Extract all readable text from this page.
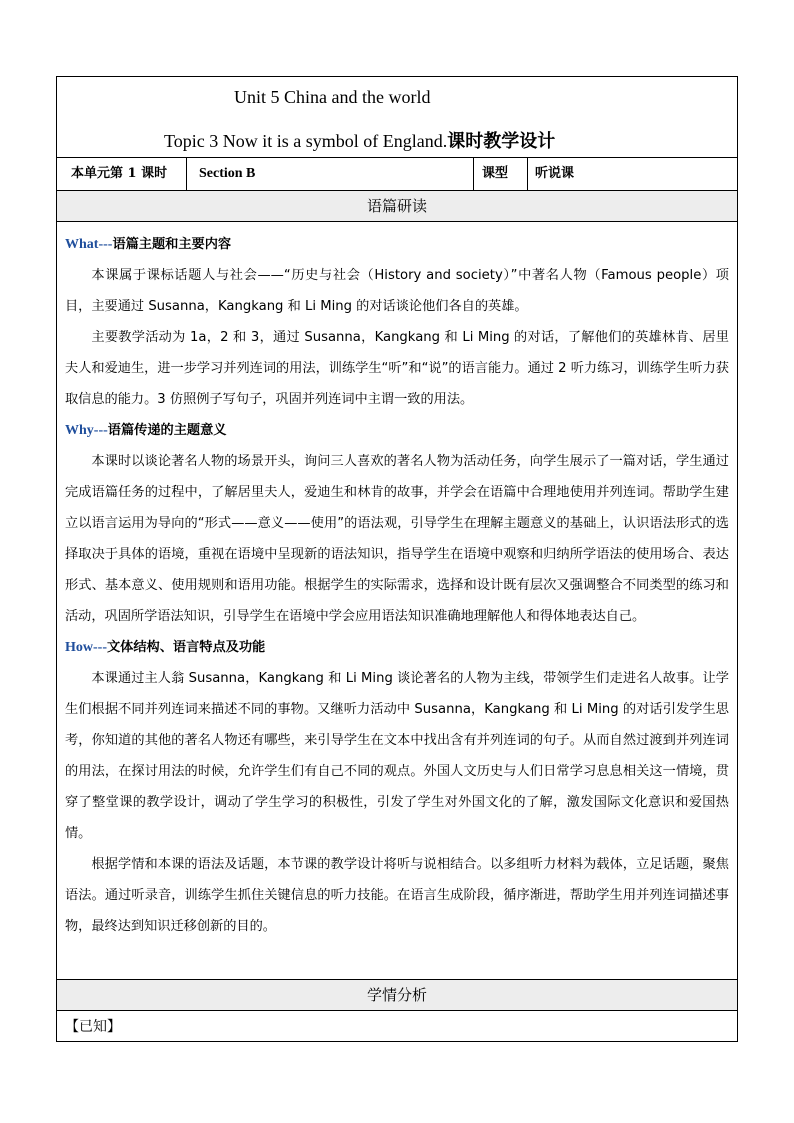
Unit 5 China and the world
Topic 3 Now it is a symbol of England.课时教学设计
本单元第 1 课时 Section B	课型 听说课
语篇研读

What---语篇主题和主要内容

本课属于课标话题人与社会——“历史与社会（History and society）”中著名人物（Famous people）项目，主要通过 Susanna，Kangkang 和 Li Ming 的对话谈论他们各自的英雄。

主要教学活动为 1a，2 和 3，通过 Susanna，Kangkang 和 Li Ming 的对话，了解他们的英雄林肯、居里夫人和爱迪生，进一步学习并列连词的用法，训练学生“听”和“说”的语言能力。通过 2 听力练习，训练学生听力获取信息的能力。3 仿照例子写句子，巩固并列连词中主谓一致的用法。

Why---语篇传递的主题意义

本课时以谈论著名人物的场景开头，询问三人喜欢的著名人物为活动任务，向学生展示了一篇对话，学生通过完成语篇任务的过程中，了解居里夫人，爱迪生和林肯的故事，并学会在语篇中合理地使用并列连词。帮助学生建立以语言运用为导向的“形式——意义——使用”的语法观，引导学生在理解主题意义的基础上，认识语法形式的选择取决于具体的语境，重视在语境中呈现新的语法知识，指导学生在语境中观察和归纳所学语法的使用场合、表达形式、基本意义、使用规则和语用功能。根据学生的实际需求，选择和设计既有层次又强调整合不同类型的练习和活动，巩固所学语法知识，引导学生在语境中学会应用语法知识准确地理解他人和得体地表达自己。

How---文体结构、语言特点及功能

本课通过主人翁 Susanna，Kangkang 和 Li Ming 谈论著名的人物为主线，带领学生们走进名人故事。让学生们根据不同并列连词来描述不同的事物。又继听力活动中 Susanna，Kangkang 和 Li Ming 的对话引发学生思考，你知道的其他的著名人物还有哪些，来引导学生在文本中找出含有并列连词的句子。从而自然过渡到并列连词的用法，在探讨用法的时候，允许学生们有自己不同的观点。外国人文历史与人们日常学习息息相关这一情境，贯穿了整堂课的教学设计，调动了学生学习的积极性，引发了学生对外国文化的了解，激发国际文化意识和爱国热情。

根据学情和本课的语法及话题，本节课的教学设计将听与说相结合。以多组听力材料为载体，立足话题，聚焦语法。通过听录音，训练学生抓住关键信息的听力技能。在语言生成阶段，循序渐进，帮助学生用并列连词描述事物，最终达到知识迁移创新的目的。

学情分析
【已知】
